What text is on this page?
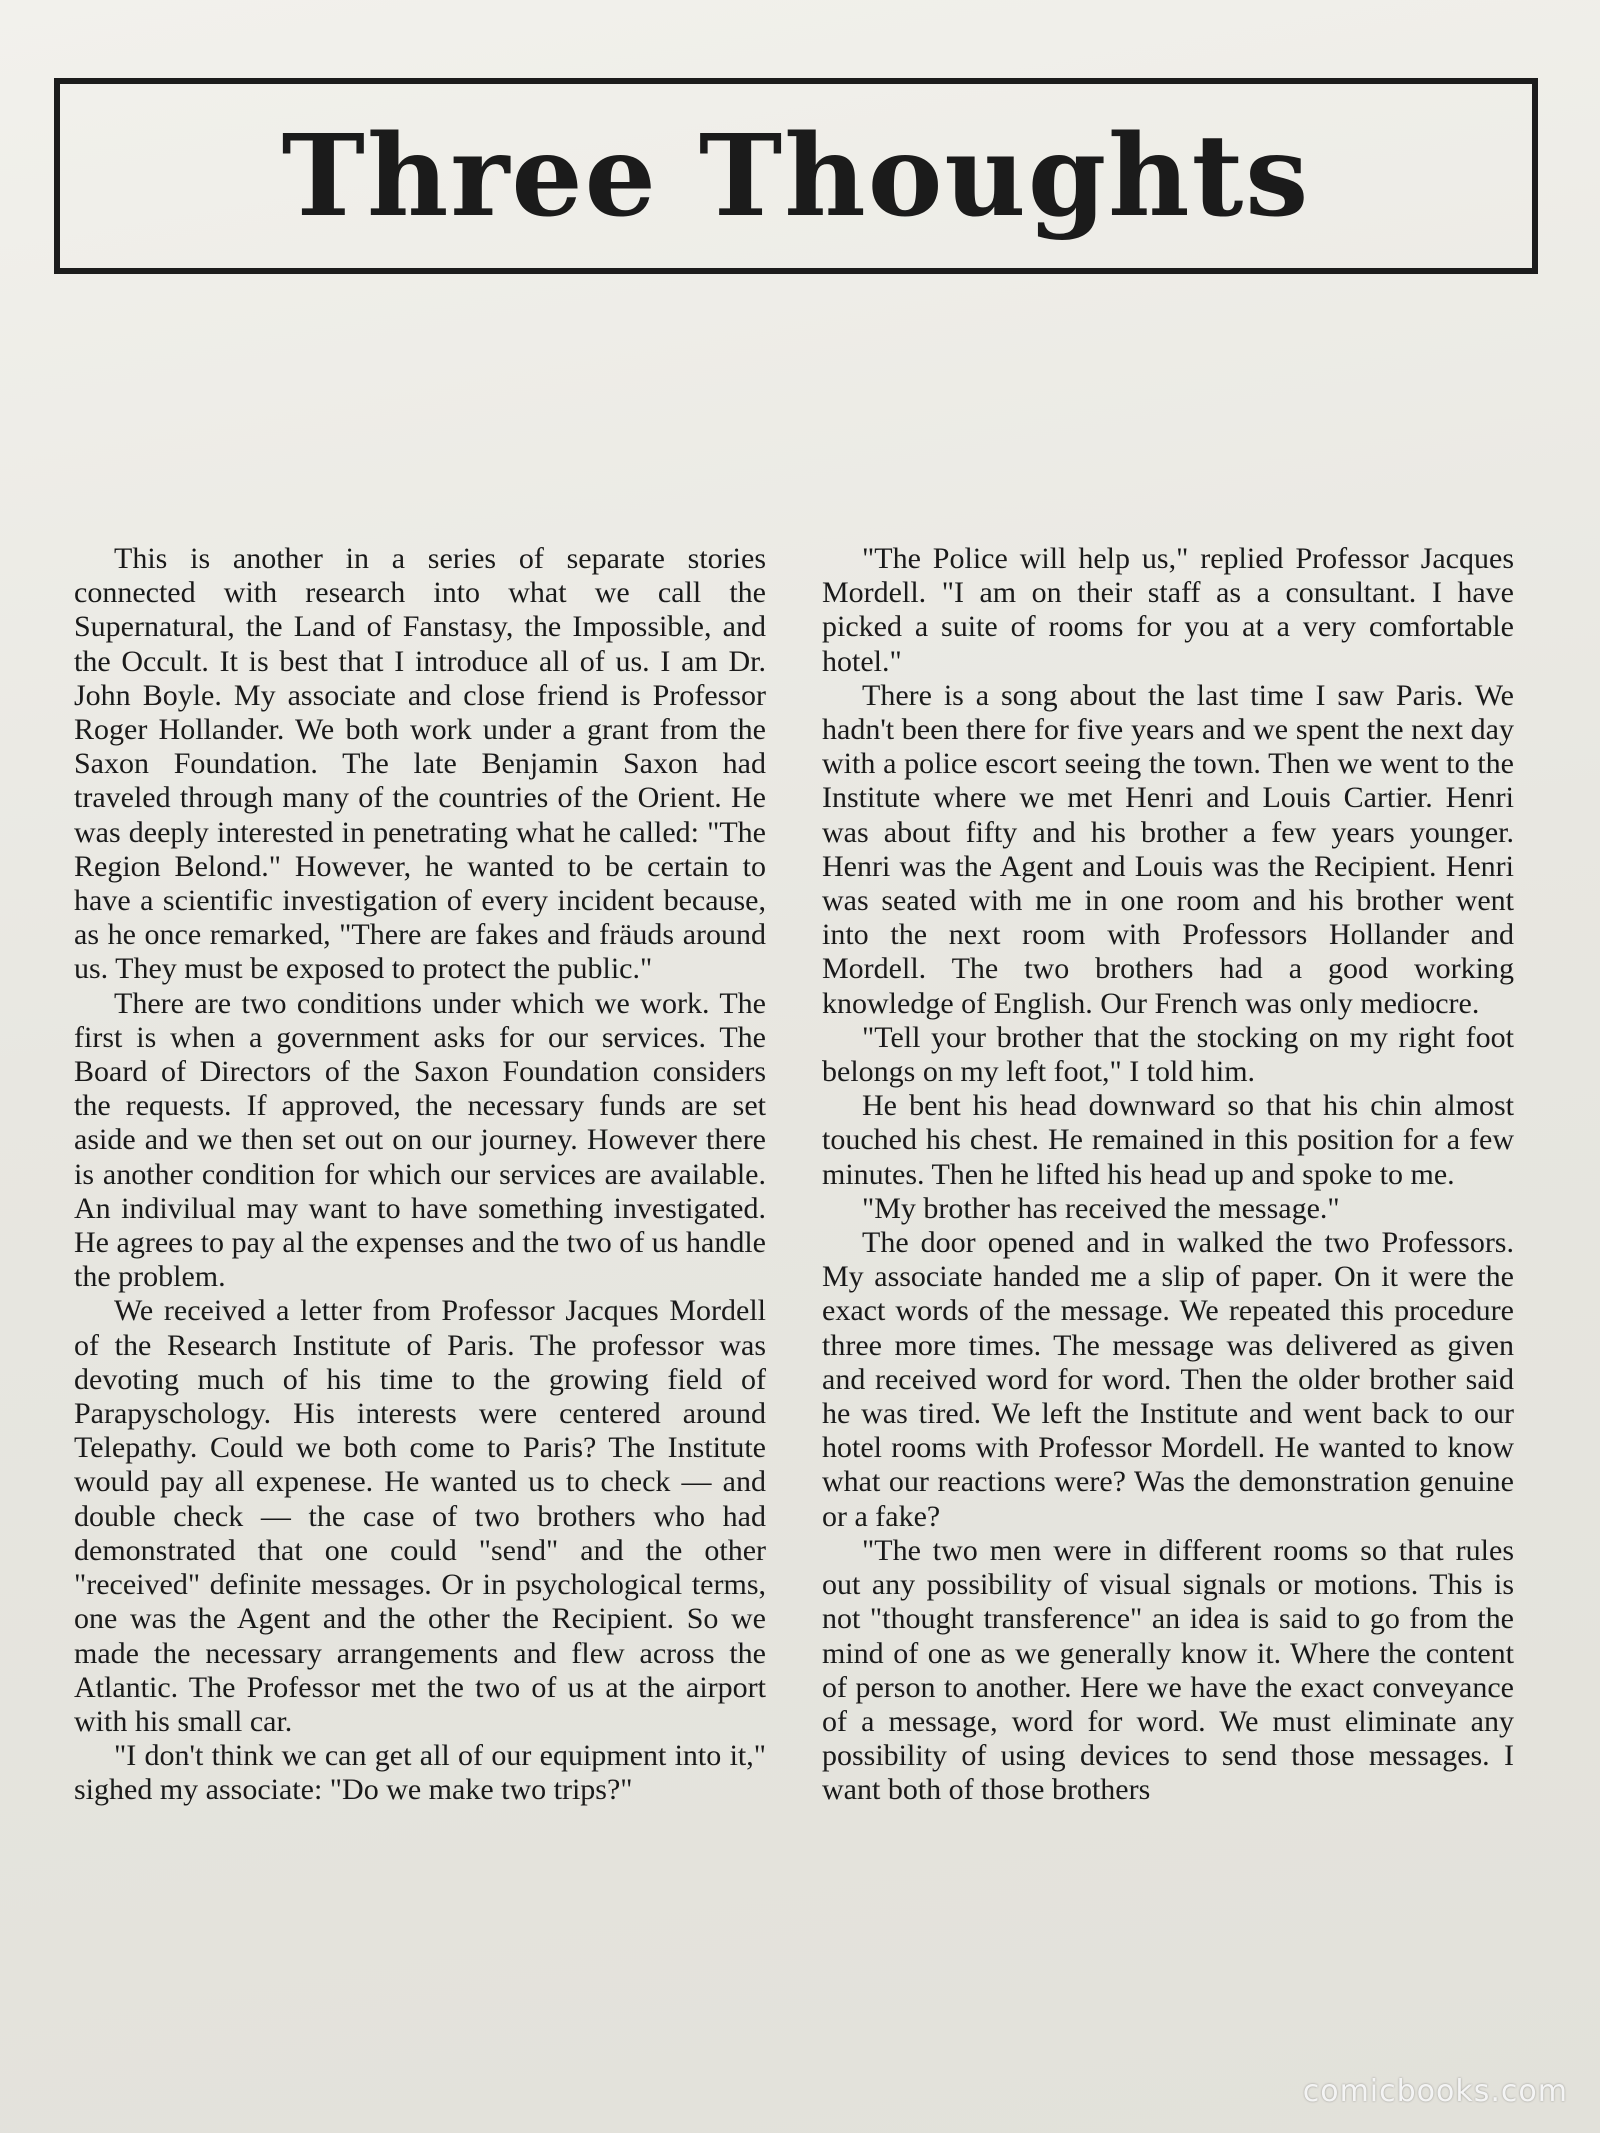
Three Thoughts

This is another in a series of separate stories connected with research into what we call the Supernatural, the Land of Fanstasy, the Impossible, and the Occult. It is best that I introduce all of us. I am Dr. John Boyle. My associate and close friend is Professor Roger Hollander. We both work under a grant from the Saxon Foundation. The late Benjamin Saxon had traveled through many of the countries of the Orient. He was deeply interested in penetrating what he called: "The Region Belond." However, he wanted to be certain to have a scientific investigation of every incident because, as he once remarked, "There are fakes and fräuds around us. They must be exposed to protect the public."

There are two conditions under which we work. The first is when a government asks for our services. The Board of Directors of the Saxon Foundation considers the requests. If approved, the necessary funds are set aside and we then set out on our journey. However there is another condition for which our services are available. An indivilual may want to have something investigated. He agrees to pay al the expenses and the two of us handle the problem.

We received a letter from Professor Jacques Mordell of the Research Institute of Paris. The professor was devoting much of his time to the growing field of Parapyschology. His interests were centered around Telepathy. Could we both come to Paris? The Institute would pay all expenese. He wanted us to check — and double check — the case of two brothers who had demonstrated that one could "send" and the other "received" definite messages. Or in psychological terms, one was the Agent and the other the Recipient. So we made the necessary arrangements and flew across the Atlantic. The Professor met the two of us at the airport with his small car.

"I don't think we can get all of our equipment into it," sighed my associate: "Do we make two trips?"

"The Police will help us," replied Professor Jacques Mordell. "I am on their staff as a consultant. I have picked a suite of rooms for you at a very comfortable hotel."

There is a song about the last time I saw Paris. We hadn't been there for five years and we spent the next day with a police escort seeing the town. Then we went to the Institute where we met Henri and Louis Cartier. Henri was about fifty and his brother a few years younger. Henri was the Agent and Louis was the Recipient. Henri was seated with me in one room and his brother went into the next room with Professors Hollander and Mordell. The two brothers had a good working knowledge of English. Our French was only mediocre.

"Tell your brother that the stocking on my right foot belongs on my left foot," I told him.

He bent his head downward so that his chin almost touched his chest. He remained in this position for a few minutes. Then he lifted his head up and spoke to me.

"My brother has received the message."

The door opened and in walked the two Professors. My associate handed me a slip of paper. On it were the exact words of the message. We repeated this procedure three more times. The message was delivered as given and received word for word. Then the older brother said he was tired. We left the Institute and went back to our hotel rooms with Professor Mordell. He wanted to know what our reactions were? Was the demonstration genuine or a fake?

"The two men were in different rooms so that rules out any possibility of visual signals or motions. This is not "thought transference" an idea is said to go from the mind of one as we generally know it. Where the content of person to another. Here we have the exact conveyance of a message, word for word. We must eliminate any possibility of using devices to send those messages. I want both of those brothers

comicbooks.com
